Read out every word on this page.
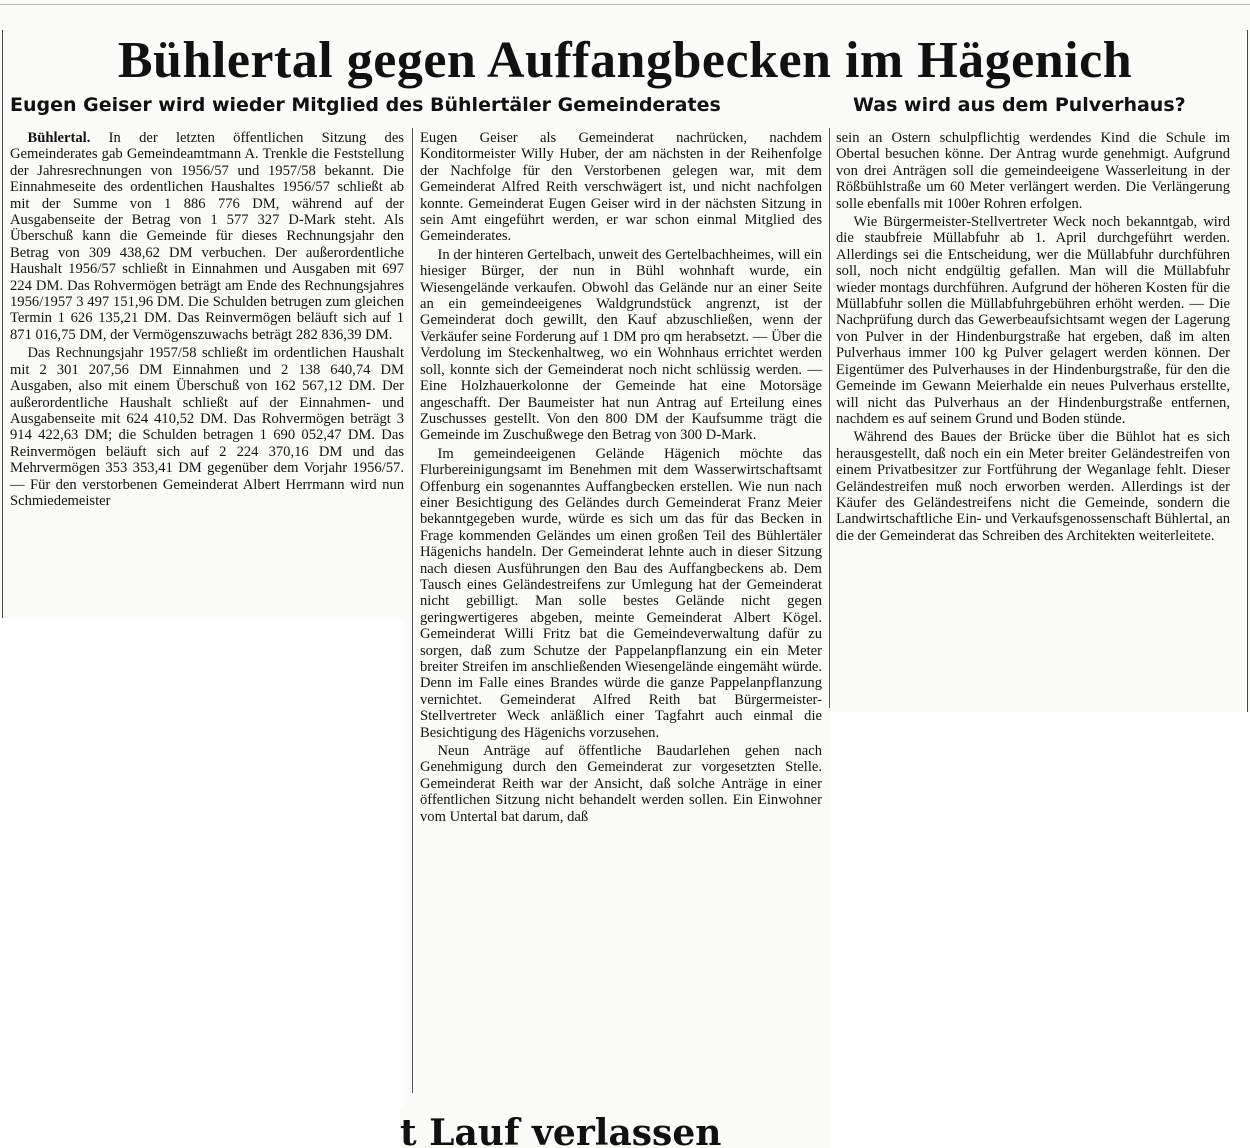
Bühlertal gegen Auffangbecken im Hägenich
Eugen Geiser wird wieder Mitglied des Bühlertäler Gemeinderates	Was wird aus dem Pulverhaus?

Bühlertal. In der letzten öffentlichen Sitzung des Gemeinderates gab Gemeindeamtmann A. Trenkle die Feststellung der Jahresrechnungen von 1956/57 und 1957/58 bekannt. Die Einnahmeseite des ordentlichen Haushaltes 1956/57 schließt ab mit der Summe von 1 886 776 DM, während auf der Ausgabenseite der Betrag von 1 577 327 D-Mark steht. Als Überschuß kann die Gemeinde für dieses Rechnungsjahr den Betrag von 309 438,62 DM verbuchen. Der außerordentliche Haushalt 1956/57 schließt in Einnahmen und Ausgaben mit 697 224 DM. Das Rohvermögen beträgt am Ende des Rechnungsjahres 1956/1957 3 497 151,96 DM. Die Schulden betrugen zum gleichen Termin 1 626 135,21 DM. Das Reinvermögen beläuft sich auf 1 871 016,75 DM, der Vermögenszuwachs beträgt 282 836,39 DM.

Das Rechnungsjahr 1957/58 schließt im ordentlichen Haushalt mit 2 301 207,56 DM Einnahmen und 2 138 640,74 DM Ausgaben, also mit einem Überschuß von 162 567,12 DM. Der außerordentliche Haushalt schließt auf der Einnahmen- und Ausgabenseite mit 624 410,52 DM. Das Rohvermögen beträgt 3 914 422,63 DM; die Schulden betragen 1 690 052,47 DM. Das Reinvermögen beläuft sich auf 2 224 370,16 DM und das Mehrvermögen 353 353,41 DM gegenüber dem Vorjahr 1956/57. — Für den verstorbenen Gemeinderat Albert Herrmann wird nun Schmiedemeister

Eugen Geiser als Gemeinderat nachrücken, nachdem Konditormeister Willy Huber, der am nächsten in der Reihenfolge der Nachfolge für den Verstorbenen gelegen war, mit dem Gemeinderat Alfred Reith verschwägert ist, und nicht nachfolgen konnte. Gemeinderat Eugen Geiser wird in der nächsten Sitzung in sein Amt eingeführt werden, er war schon einmal Mitglied des Gemeinderates.

In der hinteren Gertelbach, unweit des Gertelbachheimes, will ein hiesiger Bürger, der nun in Bühl wohnhaft wurde, ein Wiesengelände verkaufen. Obwohl das Gelände nur an einer Seite an ein gemeindeeigenes Waldgrundstück angrenzt, ist der Gemeinderat doch gewillt, den Kauf abzuschließen, wenn der Verkäufer seine Forderung auf 1 DM pro qm herabsetzt. — Über die Verdolung im Steckenhaltweg, wo ein Wohnhaus errichtet werden soll, konnte sich der Gemeinderat noch nicht schlüssig werden. — Eine Holzhauerkolonne der Gemeinde hat eine Motorsäge angeschafft. Der Baumeister hat nun Antrag auf Erteilung eines Zuschusses gestellt. Von den 800 DM der Kaufsumme trägt die Gemeinde im Zuschußwege den Betrag von 300 D-Mark.

Im gemeindeeigenen Gelände Hägenich möchte das Flurbereinigungsamt im Benehmen mit dem Wasserwirtschaftsamt Offenburg ein sogenanntes Auffangbecken erstellen. Wie nun nach einer Besichtigung des Geländes durch Gemeinderat Franz Meier bekanntgegeben wurde, würde es sich um das für das Becken in Frage kommenden Geländes um einen großen Teil des Bühlertäler Hägenichs handeln. Der Gemeinderat lehnte auch in dieser Sitzung nach diesen Ausführungen den Bau des Auffangbeckens ab. Dem Tausch eines Geländestreifens zur Umlegung hat der Gemeinderat nicht gebilligt. Man solle bestes Gelände nicht gegen geringwertigeres abgeben, meinte Gemeinderat Albert Kögel. Gemeinderat Willi Fritz bat die Gemeindeverwaltung dafür zu sorgen, daß zum Schutze der Pappelanpflanzung ein ein Meter breiter Streifen im anschließenden Wiesengelände eingemäht würde. Denn im Falle eines Brandes würde die ganze Pappelanpflanzung vernichtet. Gemeinderat Alfred Reith bat Bürgermeister-Stellvertreter Weck anläßlich einer Tagfahrt auch einmal die Besichtigung des Hägenichs vorzusehen.

Neun Anträge auf öffentliche Baudarlehen gehen nach Genehmigung durch den Gemeinderat zur vorgesetzten Stelle. Gemeinderat Reith war der Ansicht, daß solche Anträge in einer öffentlichen Sitzung nicht behandelt werden sollen. Ein Einwohner vom Untertal bat darum, daß

sein an Ostern schulpflichtig werdendes Kind die Schule im Obertal besuchen könne. Der Antrag wurde genehmigt. Aufgrund von drei Anträgen soll die gemeindeeigene Wasserleitung in der Rößbühlstraße um 60 Meter verlängert werden. Die Verlängerung solle ebenfalls mit 100er Rohren erfolgen.

Wie Bürgermeister-Stellvertreter Weck noch bekanntgab, wird die staubfreie Müllabfuhr ab 1. April durchgeführt werden. Allerdings sei die Entscheidung, wer die Müllabfuhr durchführen soll, noch nicht endgültig gefallen. Man will die Müllabfuhr wieder montags durchführen. Aufgrund der höheren Kosten für die Müllabfuhr sollen die Müllabfuhrgebühren erhöht werden. — Die Nachprüfung durch das Gewerbeaufsichtsamt wegen der Lagerung von Pulver in der Hindenburgstraße hat ergeben, daß im alten Pulverhaus immer 100 kg Pulver gelagert werden können. Der Eigentümer des Pulverhauses in der Hindenburgstraße, für den die Gemeinde im Gewann Meierhalde ein neues Pulverhaus erstellte, will nicht das Pulverhaus an der Hindenburgstraße entfernen, nachdem es auf seinem Grund und Boden stünde.

Während des Baues der Brücke über die Bühlot hat es sich herausgestellt, daß noch ein ein Meter breiter Geländestreifen von einem Privatbesitzer zur Fortführung der Weganlage fehlt. Dieser Geländestreifen muß noch erworben werden. Allerdings ist der Käufer des Geländestreifens nicht die Gemeinde, sondern die Landwirtschaftliche Ein- und Verkaufsgenossenschaft Bühlertal, an die der Gemeinderat das Schreiben des Architekten weiterleitete.

t Lauf verlassen
